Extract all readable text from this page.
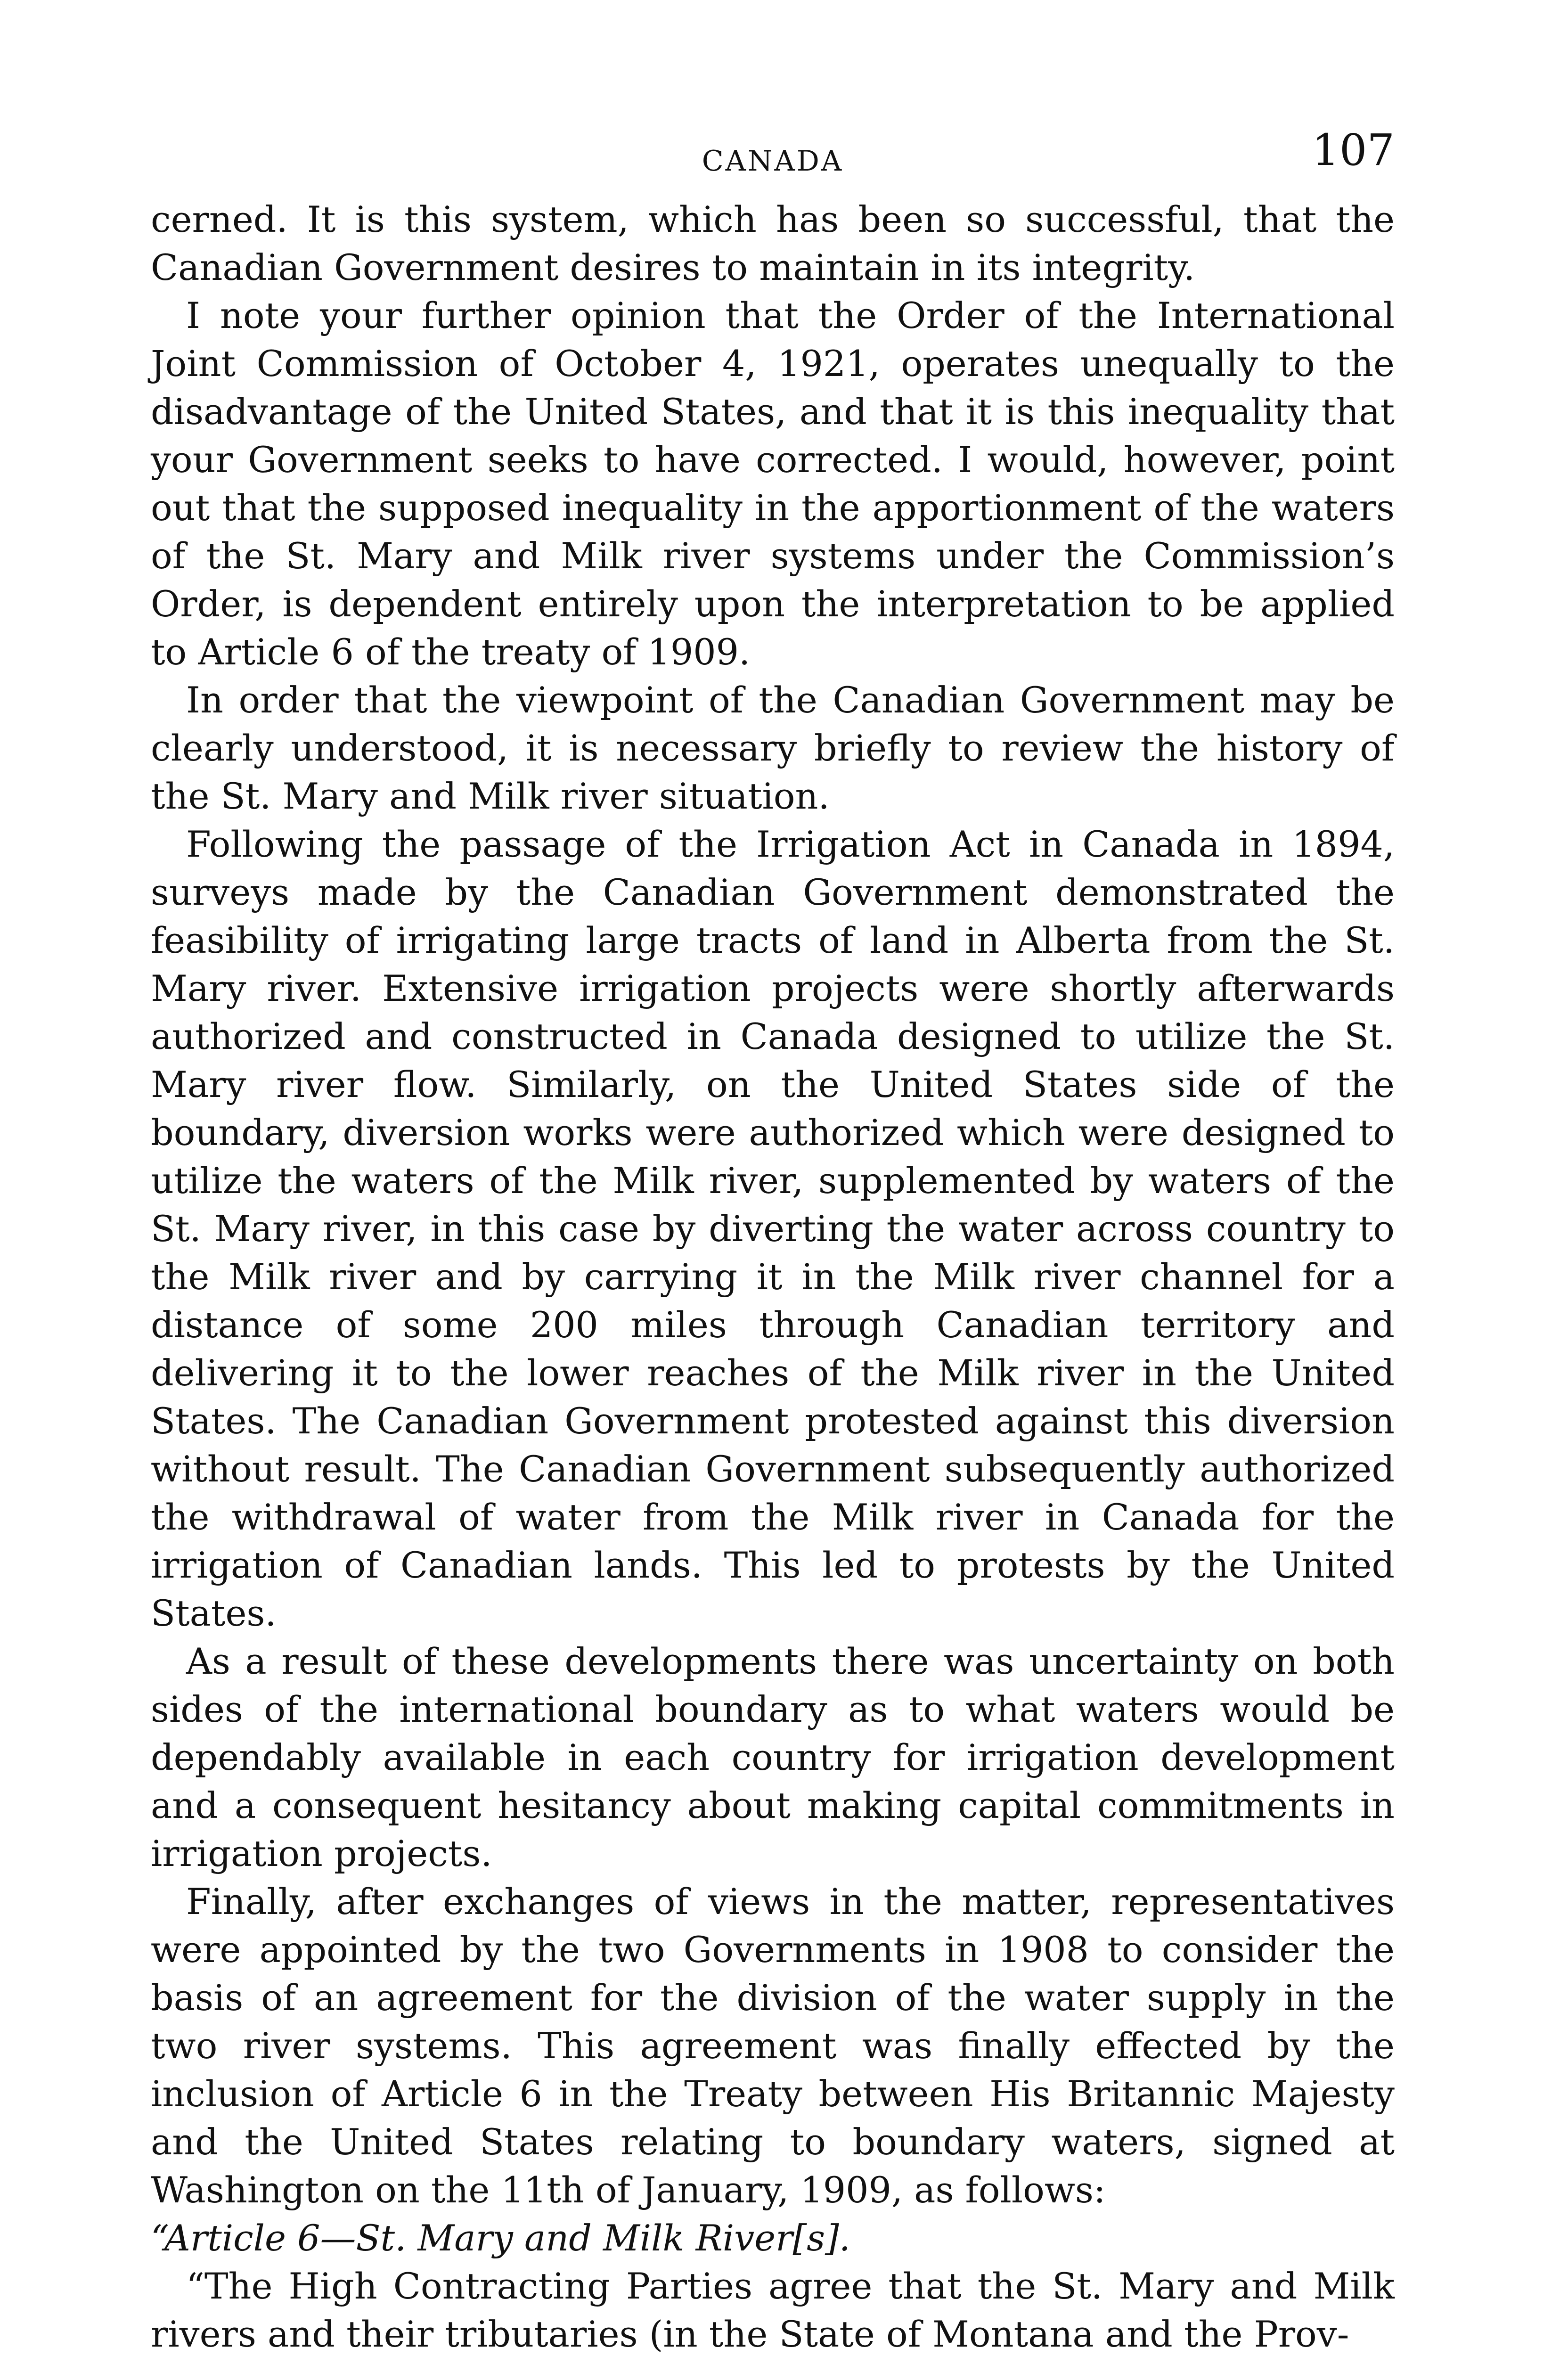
CANADA	107

cerned. It is this system, which has been so successful, that the Canadian Government desires to maintain in its integrity.

I note your further opinion that the Order of the International Joint Commission of October 4, 1921, operates unequally to the disadvantage of the United States, and that it is this inequality that your Government seeks to have corrected. I would, however, point out that the supposed inequality in the apportionment of the waters of the St. Mary and Milk river systems under the Commission’s Order, is dependent entirely upon the interpretation to be applied to Article 6 of the treaty of 1909.

In order that the viewpoint of the Canadian Government may be clearly understood, it is necessary briefly to review the history of the St. Mary and Milk river situation.

Following the passage of the Irrigation Act in Canada in 1894, surveys made by the Canadian Government demonstrated the feasibility of irrigating large tracts of land in Alberta from the St. Mary river. Extensive irrigation projects were shortly afterwards authorized and constructed in Canada designed to utilize the St. Mary river flow. Similarly, on the United States side of the boundary, diversion works were authorized which were designed to utilize the waters of the Milk river, supplemented by waters of the St. Mary river, in this case by diverting the water across country to the Milk river and by carrying it in the Milk river channel for a distance of some 200 miles through Canadian territory and delivering it to the lower reaches of the Milk river in the United States. The Canadian Government protested against this diversion without result. The Canadian Government subsequently authorized the withdrawal of water from the Milk river in Canada for the irrigation of Canadian lands. This led to protests by the United States.

As a result of these developments there was uncertainty on both sides of the international boundary as to what waters would be dependably available in each country for irrigation development and a consequent hesitancy about making capital commitments in irrigation projects.

Finally, after exchanges of views in the matter, representatives were appointed by the two Governments in 1908 to consider the basis of an agreement for the division of the water supply in the two river systems. This agreement was finally effected by the inclusion of Article 6 in the Treaty between His Britannic Majesty and the United States relating to boundary waters, signed at Washington on the 11th of January, 1909, as follows:

“Article 6—St. Mary and Milk River[s].

“The High Contracting Parties agree that the St. Mary and Milk rivers and their tributaries (in the State of Montana and the Prov-
